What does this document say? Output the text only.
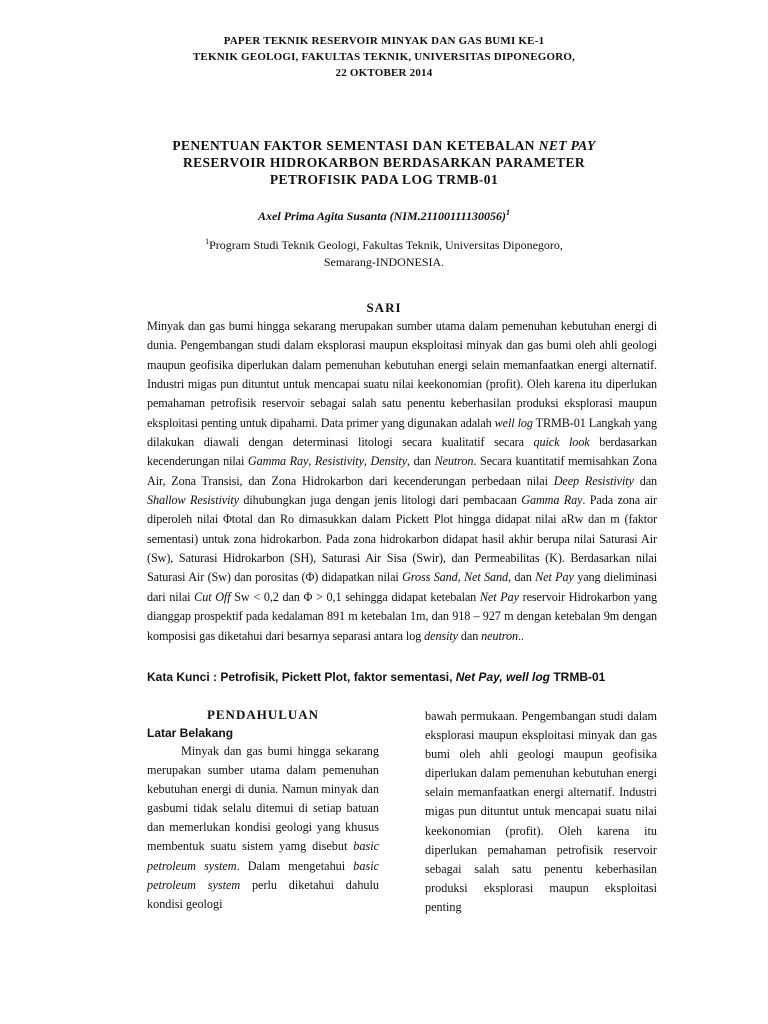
PAPER TEKNIK RESERVOIR MINYAK DAN GAS BUMI KE-1
TEKNIK GEOLOGI, FAKULTAS TEKNIK, UNIVERSITAS DIPONEGORO,
22 OKTOBER 2014
PENENTUAN FAKTOR SEMENTASI DAN KETEBALAN NET PAY
RESERVOIR HIDROKARBON BERDASARKAN PARAMETER
PETROFISIK PADA LOG TRMB-01
Axel Prima Agita Susanta $(NIM.21100111130056)^1$
$^1$Program Studi Teknik Geologi, Fakultas Teknik, Universitas Diponegoro,
Semarang-INDONESIA.
SARI

Minyak dan gas bumi hingga sekarang merupakan sumber utama dalam pemenuhan kebutuhan energi di dunia. Pengembangan studi dalam eksplorasi maupun eksploitasi minyak dan gas bumi oleh ahli geologi maupun geofisika diperlukan dalam pemenuhan kebutuhan energi selain memanfaatkan energi alternatif. Industri migas pun dituntut untuk mencapai suatu nilai keekonomian (profit). Oleh karena itu diperlukan pemahaman petrofisik reservoir sebagai salah satu penentu keberhasilan produksi eksplorasi maupun eksploitasi penting untuk dipahami. Data primer yang digunakan adalah well log TRMB-01 Langkah yang dilakukan diawali dengan determinasi litologi secara kualitatif secara quick look berdasarkan kecenderungan nilai Gamma Ray, Resistivity, Density, dan Neutron. Secara kuantitatif memisahkan Zona Air, Zona Transisi, dan Zona Hidrokarbon dari kecenderungan perbedaan nilai Deep Resistivity dan Shallow Resistivity dihubungkan juga dengan jenis litologi dari pembacaan Gamma Ray. Pada zona air diperoleh nilai Φtotal dan Ro dimasukkan dalam Pickett Plot hingga didapat nilai aRw dan m (faktor sementasi) untuk zona hidrokarbon. Pada zona hidrokarbon didapat hasil akhir berupa nilai Saturasi Air (Sw), Saturasi Hidrokarbon (SH), Saturasi Air Sisa (Swir), dan Permeabilitas (K). Berdasarkan nilai Saturasi Air (Sw) dan porositas (Φ) didapatkan nilai Gross Sand, Net Sand, dan Net Pay yang dieliminasi dari nilai Cut Off Sw < 0,2 dan Φ > 0,1 sehingga didapat ketebalan Net Pay reservoir Hidrokarbon yang dianggap prospektif pada kedalaman 891 m ketebalan 1m, dan 918 – 927 m dengan ketebalan 9m dengan komposisi gas diketahui dari besarnya separasi antara log density dan neutron..

Kata Kunci : Petrofisik, Pickett Plot, faktor sementasi, Net Pay, well log TRMB-01
PENDAHULUAN
Latar Belakang

Minyak dan gas bumi hingga sekarang merupakan sumber utama dalam pemenuhan kebutuhan energi di dunia. Namun minyak dan gasbumi tidak selalu ditemui di setiap batuan dan memerlukan kondisi geologi yang khusus membentuk suatu sistem yamg disebut basic petroleum system. Dalam mengetahui basic petroleum system perlu diketahui dahulu kondisi geologi

bawah permukaan. Pengembangan studi dalam eksplorasi maupun eksploitasi minyak dan gas bumi oleh ahli geologi maupun geofisika diperlukan dalam pemenuhan kebutuhan energi selain memanfaatkan energi alternatif. Industri migas pun dituntut untuk mencapai suatu nilai keekonomian (profit). Oleh karena itu diperlukan pemahaman petrofisik reservoir sebagai salah satu penentu keberhasilan produksi eksplorasi maupun eksploitasi penting
